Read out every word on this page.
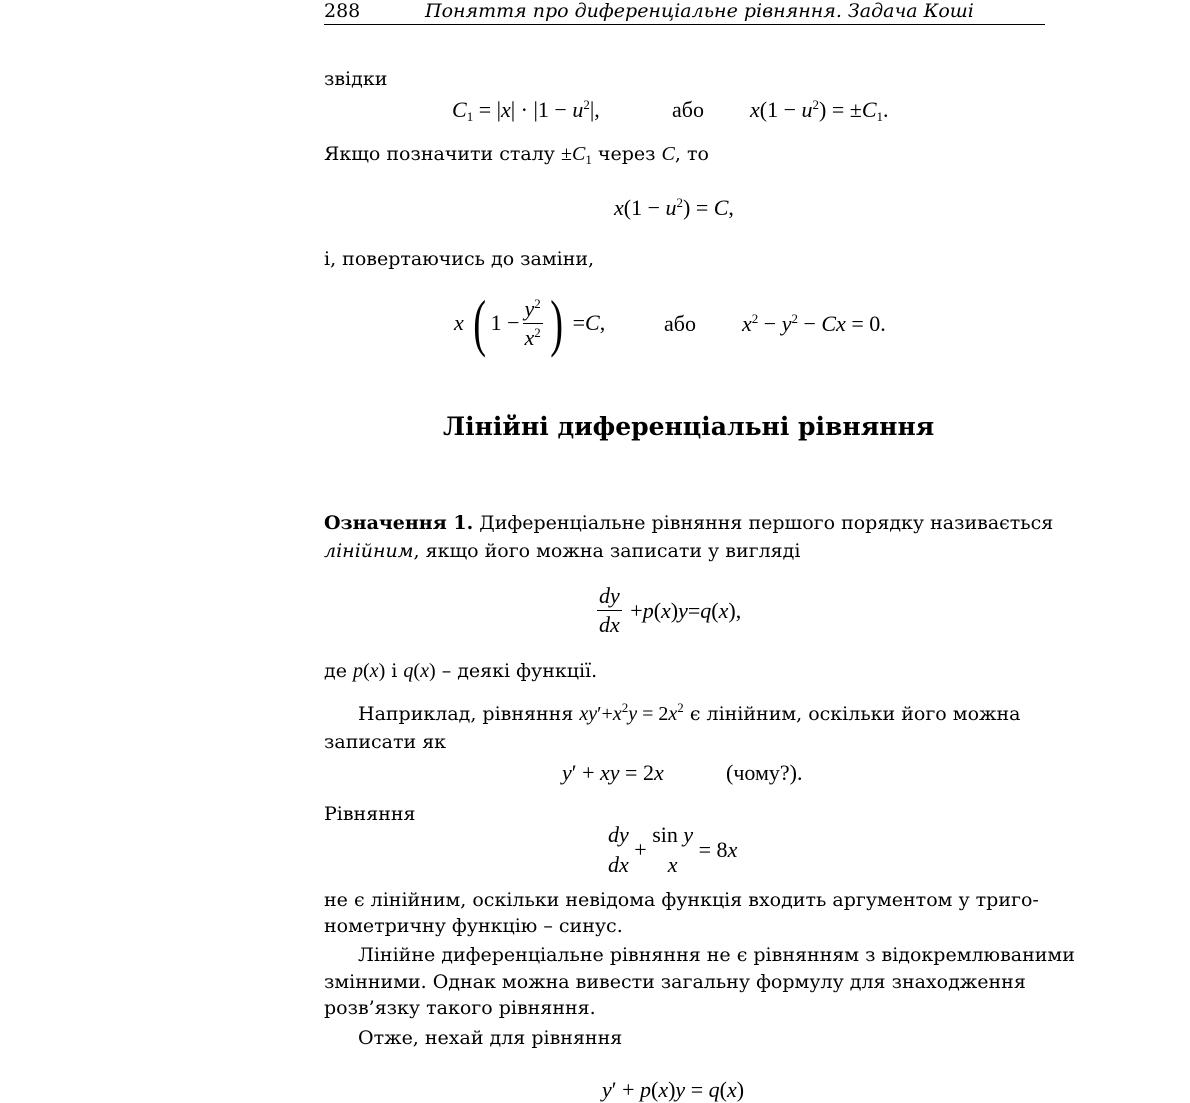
288	Поняття про диференціальне рівняння. Задача Коші
звідки
$C_1 = |x| \cdot |1 - u^2|$,	або $x(1 - u^2) = \pm C_1$.
Якщо позначити сталу $\pm C_1$ через C, то
$x(1 - u^2) = C$,
і, повертаючись до заміни,
x
( $1 - \frac{y^2}{x^2}$ ) = C ,	або $x^2 - y^2 - Cx = 0$.
Лінійні диференціальні рівняння
Означення 1. Диференціальне рівняння першого порядку називається
лінійним, якщо його можна записати у вигляді
$\frac{dy}{dx} + p$ ( x ) y = q ( x ),
де p(x) і q(x) – деякі функції.
Наприклад, рівняння $xy'+x^2y = 2x^2$ є лінійним, оскільки його можна
записати як
y′ + xy = 2x	(чому?).
Рівняння
dy
dx
+
sin y
x
= 8 x
не є лінійним, оскільки невідома функція входить аргументом у триго-
нометричну функцію – синус.
Лінійне диференціальне рівняння не є рівнянням з відокремлюваними
змінними. Однак можна вивести загальну формулу для знаходження
розв’язку такого рівняння.
Отже, нехай для рівняння
y′ + p(x)y = q(x)
